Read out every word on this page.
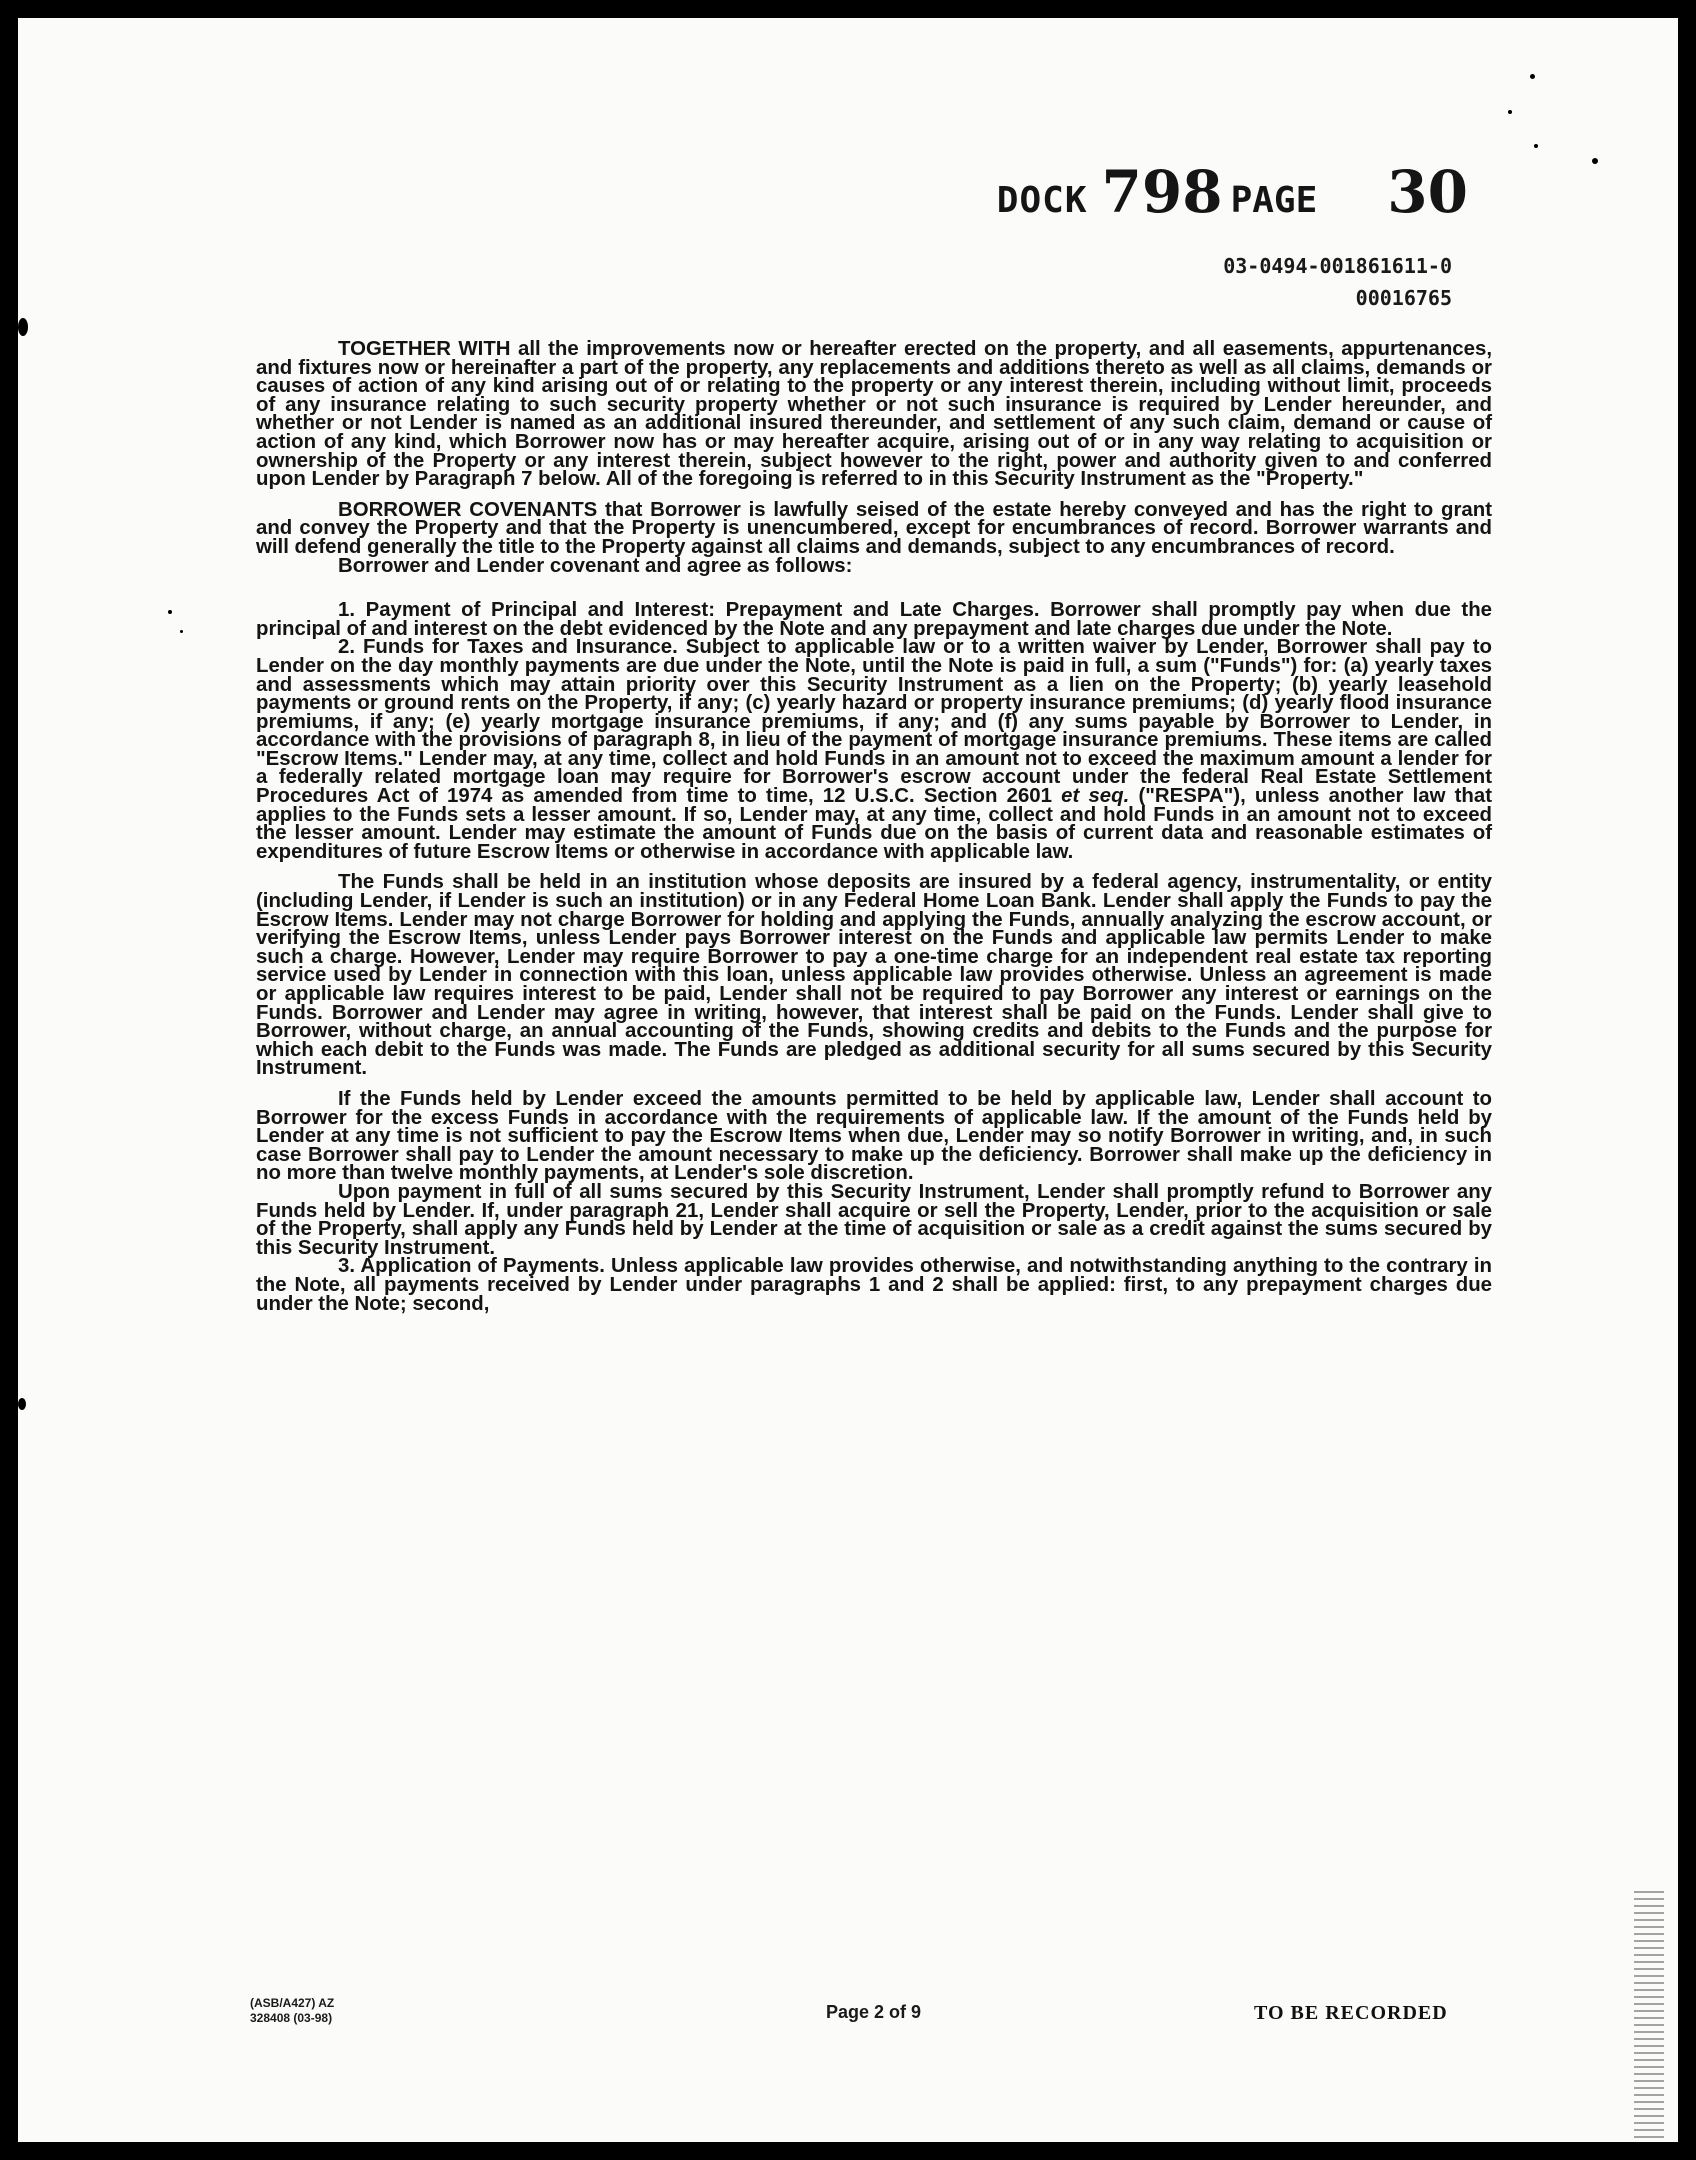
DOCK 798 PAGE 30
03-0494-001861611-0
00016765

TOGETHER WITH all the improvements now or hereafter erected on the property, and all easements, appurtenances, and fixtures now or hereinafter a part of the property, any replacements and additions thereto as well as all claims, demands or causes of action of any kind arising out of or relating to the property or any interest therein, including without limit, proceeds of any insurance relating to such security property whether or not such insurance is required by Lender hereunder, and whether or not Lender is named as an additional insured thereunder, and settlement of any such claim, demand or cause of action of any kind, which Borrower now has or may hereafter acquire, arising out of or in any way relating to acquisition or ownership of the Property or any interest therein, subject however to the right, power and authority given to and conferred upon Lender by Paragraph 7 below. All of the foregoing is referred to in this Security Instrument as the "Property."

BORROWER COVENANTS that Borrower is lawfully seised of the estate hereby conveyed and has the right to grant and convey the Property and that the Property is unencumbered, except for encumbrances of record. Borrower warrants and will defend generally the title to the Property against all claims and demands, subject to any encumbrances of record.

Borrower and Lender covenant and agree as follows:

1. Payment of Principal and Interest: Prepayment and Late Charges. Borrower shall promptly pay when due the principal of and interest on the debt evidenced by the Note and any prepayment and late charges due under the Note.

2. Funds for Taxes and Insurance. Subject to applicable law or to a written waiver by Lender, Borrower shall pay to Lender on the day monthly payments are due under the Note, until the Note is paid in full, a sum ("Funds") for: (a) yearly taxes and assessments which may attain priority over this Security Instrument as a lien on the Property; (b) yearly leasehold payments or ground rents on the Property, if any; (c) yearly hazard or property insurance premiums; (d) yearly flood insurance premiums, if any; (e) yearly mortgage insurance premiums, if any; and (f) any sums payable by Borrower to Lender, in accordance with the provisions of paragraph 8, in lieu of the payment of mortgage insurance premiums. These items are called "Escrow Items." Lender may, at any time, collect and hold Funds in an amount not to exceed the maximum amount a lender for a federally related mortgage loan may require for Borrower's escrow account under the federal Real Estate Settlement Procedures Act of 1974 as amended from time to time, 12 U.S.C. Section 2601 et seq. ("RESPA"), unless another law that applies to the Funds sets a lesser amount. If so, Lender may, at any time, collect and hold Funds in an amount not to exceed the lesser amount. Lender may estimate the amount of Funds due on the basis of current data and reasonable estimates of expenditures of future Escrow Items or otherwise in accordance with applicable law.

The Funds shall be held in an institution whose deposits are insured by a federal agency, instrumentality, or entity (including Lender, if Lender is such an institution) or in any Federal Home Loan Bank. Lender shall apply the Funds to pay the Escrow Items. Lender may not charge Borrower for holding and applying the Funds, annually analyzing the escrow account, or verifying the Escrow Items, unless Lender pays Borrower interest on the Funds and applicable law permits Lender to make such a charge. However, Lender may require Borrower to pay a one-time charge for an independent real estate tax reporting service used by Lender in connection with this loan, unless applicable law provides otherwise. Unless an agreement is made or applicable law requires interest to be paid, Lender shall not be required to pay Borrower any interest or earnings on the Funds. Borrower and Lender may agree in writing, however, that interest shall be paid on the Funds. Lender shall give to Borrower, without charge, an annual accounting of the Funds, showing credits and debits to the Funds and the purpose for which each debit to the Funds was made. The Funds are pledged as additional security for all sums secured by this Security Instrument.

If the Funds held by Lender exceed the amounts permitted to be held by applicable law, Lender shall account to Borrower for the excess Funds in accordance with the requirements of applicable law. If the amount of the Funds held by Lender at any time is not sufficient to pay the Escrow Items when due, Lender may so notify Borrower in writing, and, in such case Borrower shall pay to Lender the amount necessary to make up the deficiency. Borrower shall make up the deficiency in no more than twelve monthly payments, at Lender's sole discretion.

Upon payment in full of all sums secured by this Security Instrument, Lender shall promptly refund to Borrower any Funds held by Lender. If, under paragraph 21, Lender shall acquire or sell the Property, Lender, prior to the acquisition or sale of the Property, shall apply any Funds held by Lender at the time of acquisition or sale as a credit against the sums secured by this Security Instrument.

3. Application of Payments. Unless applicable law provides otherwise, and notwithstanding anything to the contrary in the Note, all payments received by Lender under paragraphs 1 and 2 shall be applied: first, to any prepayment charges due under the Note; second,

(ASB/A427) AZ
328408 (03-98)	Page 2 of 9	TO BE RECORDED
